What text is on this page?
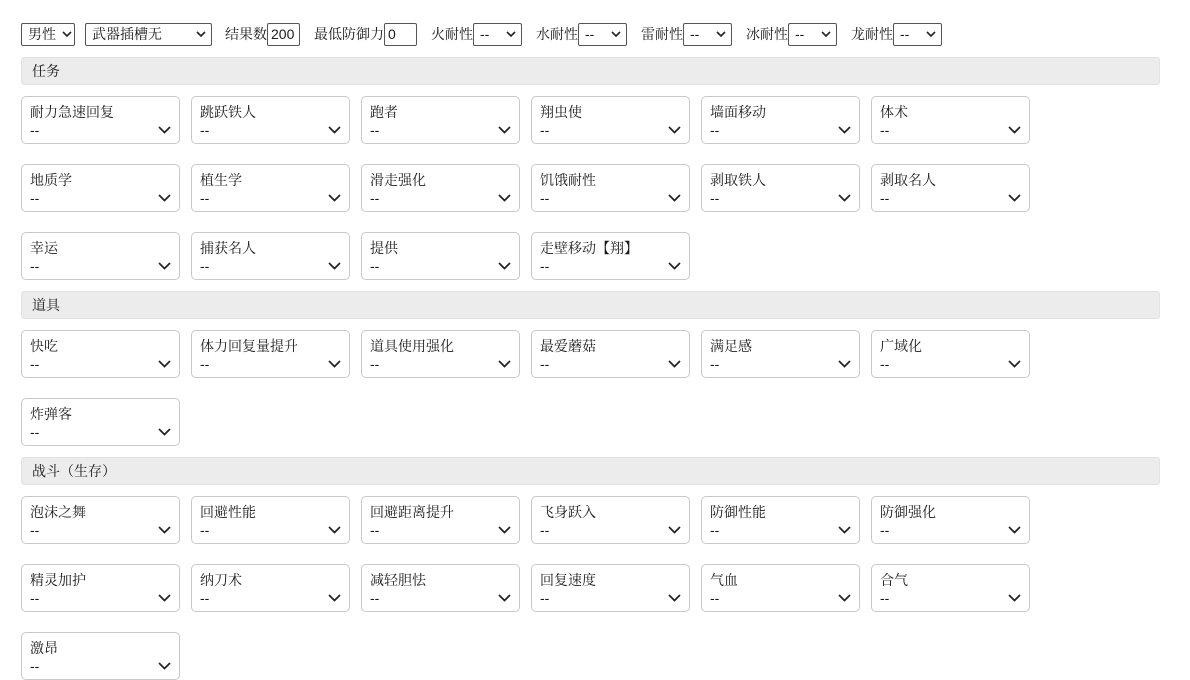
男性	武器插槽无	结果数
200	最低防御力
0	火耐性 --	水耐性 --	雷耐性 --	冰耐性 --	龙耐性 --
任务
耐力急速回复
--
跳跃铁人
--
跑者
--
翔虫使
--
墙面移动
--
体术
--
地质学
--
植生学
--
滑走强化
--
饥饿耐性
--
剥取铁人
--
剥取名人
--
幸运
--
捕获名人
--
提供
--
走壁移动【翔】
--
道具
快吃
--
体力回复量提升
--
道具使用强化
--
最爱蘑菇
--
满足感
--
广域化
--
炸弹客
--
战斗（生存）
泡沫之舞
--
回避性能
--
回避距离提升
--
飞身跃入
--
防御性能
--
防御强化
--
精灵加护
--
纳刀术
--
减轻胆怯
--
回复速度
--
气血
--
合气
--
激昂
--
